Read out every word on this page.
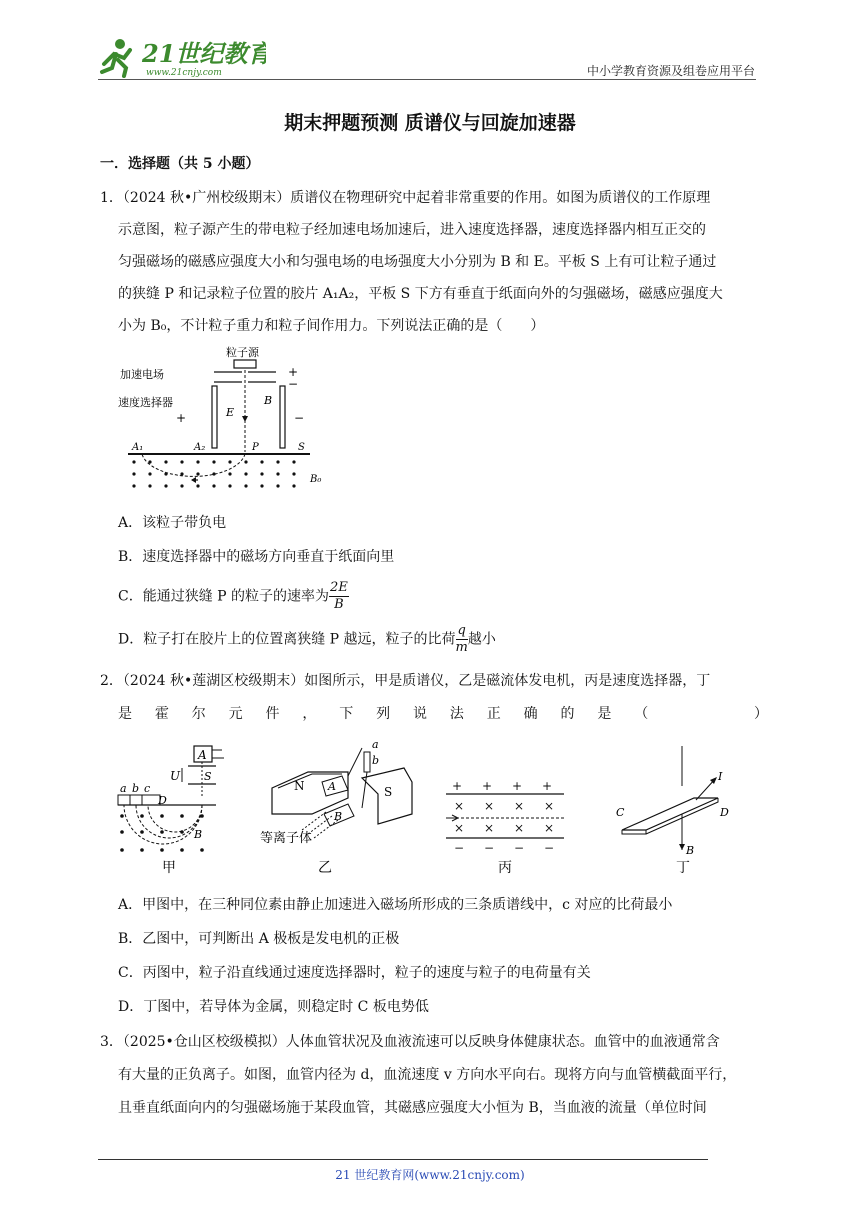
21世纪教育
www.21cnjy.com	中小学教育资源及组卷应用平台
期末押题预测 质谱仪与回旋加速器
一．选择题（共 5 小题）
1．（2024 秋•广州校级期末）质谱仪在物理研究中起着非常重要的作用。如图为质谱仪的工作原理
示意图，粒子源产生的带电粒子经加速电场加速后，进入速度选择器，速度选择器内相互正交的
匀强磁场的磁感应强度大小和匀强电场的电场强度大小分别为 B 和 E。平板 S 上有可让粒子通过
的狭缝 P 和记录粒子位置的胶片 A₁A₂，平板 S 下方有垂直于纸面向外的匀强磁场，磁感应强度大
小为 B₀，不计粒子重力和粒子间作用力。下列说法正确的是（　　）
粒子源
加速电场	+
−
速度选择器
+	−
E
B
A₁	A₂	P	S
B₀
A．该粒子带负电
B．速度选择器中的磁场方向垂直于纸面向里
C．能通过狭缝 P 的粒子的速率为 $\frac{2E}{B}$
D．粒子打在胶片上的位置离狭缝 P 越远，粒子的比荷 $\frac{q}{m}$ 越小
2．（2024 秋•莲湖区校级期末）如图所示，甲是质谱仪，乙是磁流体发电机，丙是速度选择器，丁
是 霍 尔 元 件 ， 下 列 说 法 正 确 的 是 （	）
A
U S
a b c
D
B
甲
N A
B
a
b
S
等离子体
乙
+ + + +
× × × ×
× × × ×
− − − −
丙
B
I
C	D
丁
A．甲图中，在三种同位素由静止加速进入磁场所形成的三条质谱线中，c 对应的比荷最小
B．乙图中，可判断出 A 极板是发电机的正极
C．丙图中，粒子沿直线通过速度选择器时，粒子的速度与粒子的电荷量有关
D．丁图中，若导体为金属，则稳定时 C 板电势低
3．（2025•仓山区校级模拟）人体血管状况及血液流速可以反映身体健康状态。血管中的血液通常含
有大量的正负离子。如图，血管内径为 d，血流速度 v 方向水平向右。现将方向与血管横截面平行，
且垂直纸面向内的匀强磁场施于某段血管，其磁感应强度大小恒为 B，当血液的流量（单位时间
21 世纪教育网(www.21cnjy.com)
